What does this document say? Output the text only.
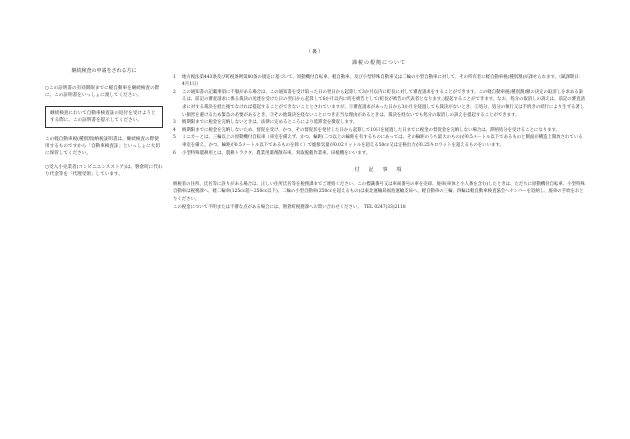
（裏）
継続検査の申請をされる方に

○この証明書の有効期限までに軽自動車を継続検査の際に、この証明書をいっしょに渡してください。

継続検査において自動車検査証の返付を受けようとする際に、この証明書を提示してください。

この軽自動車税(種別割)納税証明書は、継続検査の際使用するものですから「自動車検査証」といっしょに大切に保管してください。

○受入小売業者(コンビニエンスストア)は、磐倉町に代わり代金等を「代理受領」しています。

課税の根拠について
1	地方税法第443条及び町税条例第80条の規定に基づいて、原動機付自転車、軽自動車、及び小型特殊自動車又は二輪の小型自動車に対して、その所有者に軽自動車税(種別割)が課せられます。（賦課期日：4月1日）
2	この通知書の記載事項に不服がある場合は、この通知書を受け取った日の翌日から起算して3か月以内に町長に対して審査請求をすることができます。この軽自動車税(種別割)額の決定の取消しを求める訴えは、前記の審査請求に係る裁決の送達を受けた日の翌日から起算して6か月以内に町を被告として(町長が被告の代表者となります。)提起することができます。なお、処分の取消しの訴えは、前記の審査請求に対する裁決を経た後でなければ提起することができないこととされていますが、①審査請求があった日から3か月を経過しても裁決がないとき、②処分、処分の執行又は手続きの続行により生ずる著しい損害を避けるため緊急の必要があるとき、③その他裁決を経ないことにつき正当な理由があるときは、裁決を経ないでも処分の取消しの訴えを提起することができます。
3	納期限までに税金を完納しないときは、法律に定めるところにより延滞金を徴収します。
4	納期限までに税金を完納しないため、督促を受け、かつ、その督促状を発付した日から起算して10日を経過した日までに税金の督促金を完納しない場合は、滞納処分を受けることになります。
5	ミニカーとは、三輪以上の原動機付自転車（車室を備えず、かつ、輪距(二つ以上の輪距を有するものにあっては、その輪距のうち最大のもの)が0.5メートル以下であるものと側面が構造上開放されている車室を備え、かつ、輪距が0.5メートル以下であるものを除く）で総排気量が0.02リットルを超える50cc又は定格出力が0.25キロワットを超えるものをいいます。
6	小型特殊農耕用とは、農耕トラクタ、農業用薬剤散布車、刈取脱穀作業車、田植機をいいます。
付　記　事　項

納税者の住所、氏名等に誤りがある場合は、正しい住所氏名等を税務課までご連絡ください。この標識番号又は車両番号の車を売却、廃車(車体と小人番を含む)したときは、ただちに原動機付自転車、小型特殊自動車は税務課へ、軽二輪車(125cc超～250cc以下)、二輪の小型自動車(250ccを超えるもの)は東北運輸局福島運輸支局へ、軽自動車の三輪、四輪は軽自動車検査協会へナンバーを返納し、廃車の手続をおとりください。

この税金について不明または不審な点がある場合には、磐倉町税務課へお問い合わせください。　TEL 0247(33)2118
